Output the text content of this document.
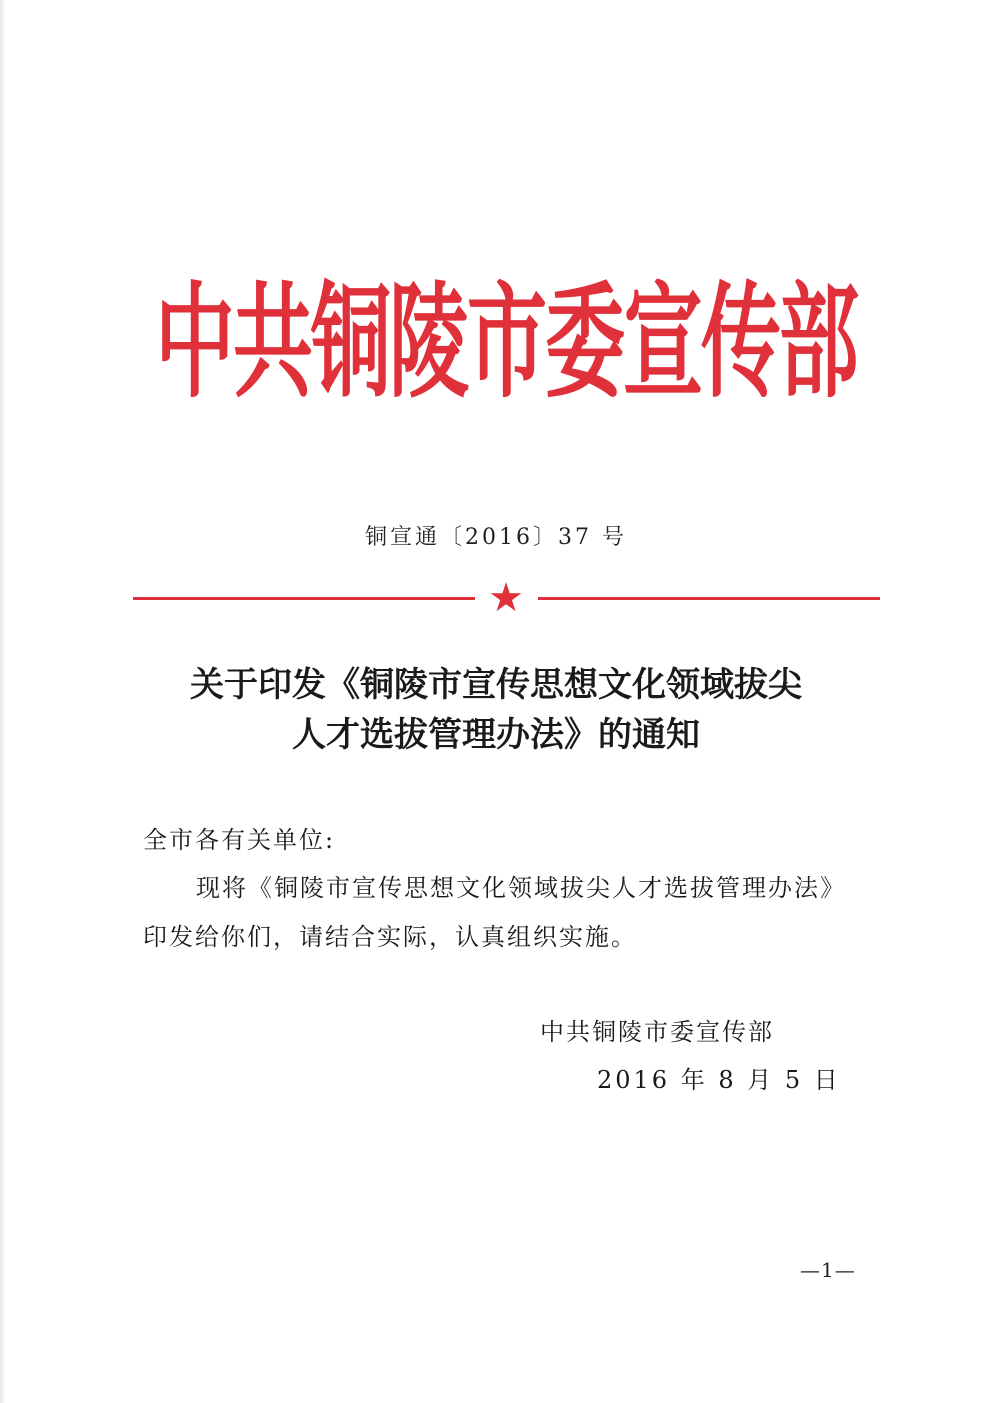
中共铜陵市委宣传部
铜宣通〔2016〕37 号
★
关于印发《铜陵市宣传思想文化领域拔尖
人才选拔管理办法》的通知
全市各有关单位:
现将《铜陵市宣传思想文化领域拔尖人才选拔管理办法》
印发给你们，请结合实际，认真组织实施。
中共铜陵市委宣传部
2016 年 8 月 5 日
—1—
